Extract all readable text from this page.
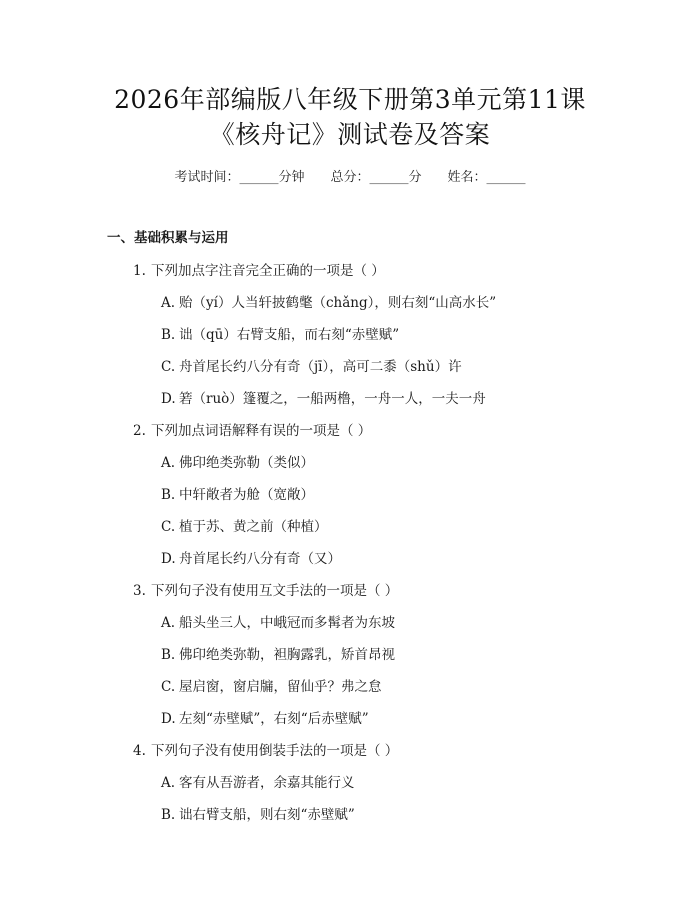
2026年部编版八年级下册第3单元第11课
《核舟记》测试卷及答案
考试时间：______分钟 总分：______分 姓名：______
一、基础积累与运用
1. 下列加点字注音完全正确的一项是（ ）
A. 贻（yí）人当轩披鹤氅（chǎng），则右刻“山高水长”
B. 诎（qū）右臂支船，而右刻“赤壁赋”
C. 舟首尾长约八分有奇（jī），高可二黍（shǔ）许
D. 箬（ruò）篷覆之，一船两橹，一舟一人，一夫一舟
2. 下列加点词语解释有误的一项是（ ）
A. 佛印绝类弥勒（类似）
B. 中轩敞者为舱（宽敞）
C. 植于苏、黄之前（种植）
D. 舟首尾长约八分有奇（又）
3. 下列句子没有使用互文手法的一项是（ ）
A. 船头坐三人，中峨冠而多髯者为东坡
B. 佛印绝类弥勒，袒胸露乳，矫首昂视
C. 屋启窗，窗启牖，留仙乎？弗之怠
D. 左刻“赤壁赋”，右刻“后赤壁赋”
4. 下列句子没有使用倒装手法的一项是（ ）
A. 客有从吾游者，余嘉其能行义
B. 诎右臂支船，则右刻“赤壁赋”
